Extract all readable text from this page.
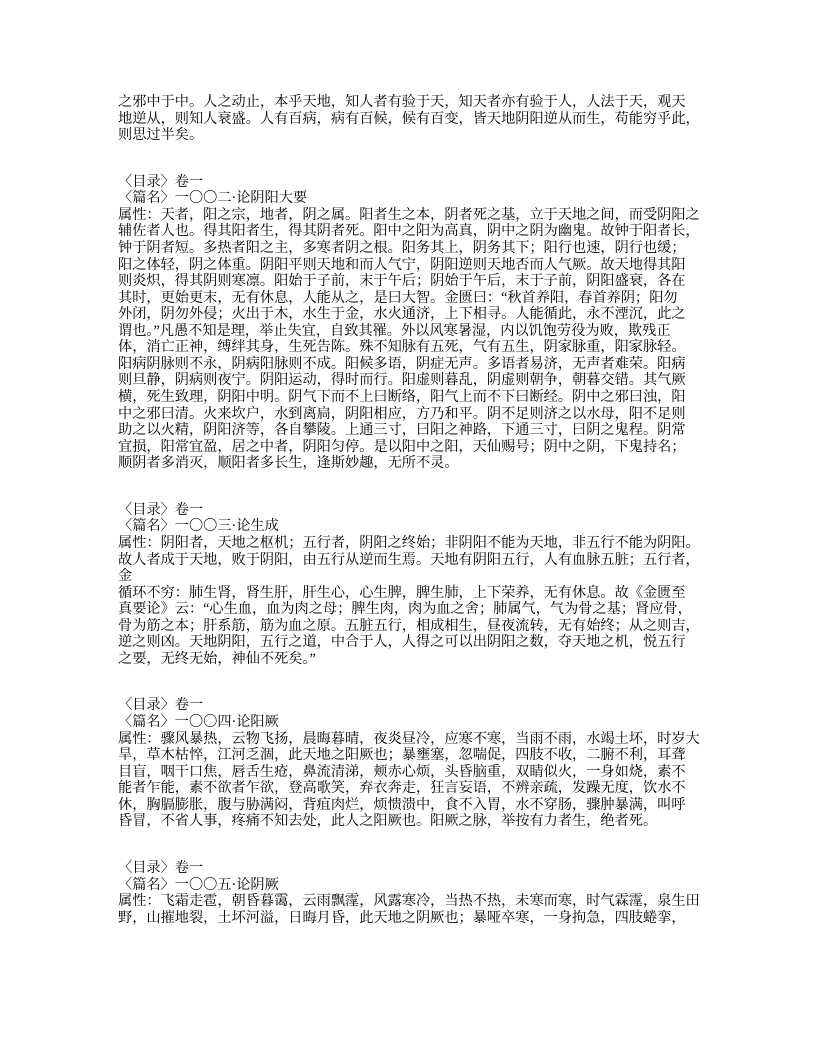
之邪中于中。人之动止，本乎天地，知人者有验于天，知天者亦有验于人，人法于天，观天
地逆从，则知人衰盛。人有百病，病有百候，候有百变，皆天地阴阳逆从而生，苟能穷乎此，
则思过半矣。
〈目录〉卷一
〈篇名〉一〇〇二·论阴阳大要
属性：天者，阳之宗，地者，阴之属。阳者生之本，阴者死之基，立于天地之间，而受阴阳之
辅佐者人也。得其阳者生，得其阴者死。阳中之阳为高真，阴中之阴为幽鬼。故钟于阳者长，
钟于阴者短。多热者阳之主，多寒者阴之根。阳务其上，阴务其下；阳行也速，阴行也缓；
阳之体轻，阴之体重。阴阳平则天地和而人气宁，阴阳逆则天地否而人气厥。故天地得其阳
则炎炽，得其阴则寒凛。阳始于子前，末于午后；阴始于午后，末于子前，阴阳盛衰，各在
其时，更始更末，无有休息，人能从之，是曰大智。金匮曰：“秋首养阳，春首养阴；阳勿
外闭，阴勿外侵；火出于木，水生于金，水火通济，上下相寻。人能循此，永不湮沉，此之
谓也。”凡愚不知是理，举止失宜，自致其罹。外以风寒暑湿，内以饥饱劳役为败，欺残正
体，消亡正神，缚绊其身，生死告陈。殊不知脉有五死，气有五生，阴家脉重，阳家脉轻。
阳病阴脉则不永，阴病阳脉则不成。阳候多语，阴症无声。多语者易济，无声者难荣。阳病
则旦静，阴病则夜宁。阴阳运动，得时而行。阳虚则暮乱，阴虚则朝争，朝暮交错。其气厥
横，死生致理，阴阳中明。阴气下而不上曰断络，阳气上而不下曰断经。阴中之邪曰浊，阳
中之邪曰清。火来坎户，水到离扃，阴阳相应，方乃和平。阴不足则济之以水母，阳不足则
助之以火精，阴阳济等，各自攀陵。上通三寸，曰阳之神路，下通三寸，曰阴之鬼程。阴常
宜损，阳常宜盈，居之中者，阴阳匀停。是以阳中之阳，天仙赐号；阴中之阴，下鬼持名；
顺阴者多消灭，顺阳者多长生，逢斯妙趣，无所不灵。
〈目录〉卷一
〈篇名〉一〇〇三·论生成
属性：阴阳者，天地之枢机；五行者，阴阳之终始；非阴阳不能为天地，非五行不能为阴阳。
故人者成于天地，败于阴阳，由五行从逆而生焉。天地有阴阳五行，人有血脉五脏；五行者，
金
循环不穷：肺生肾，肾生肝，肝生心，心生脾，脾生肺，上下荣养，无有休息。故《金匮至
真要论》云：“心生血，血为肉之母；脾生肉，肉为血之舍；肺属气，气为骨之基；肾应骨，
骨为筋之本；肝系筋，筋为血之原。五脏五行，相成相生，昼夜流转，无有始终；从之则吉，
逆之则凶。天地阴阳，五行之道，中合于人，人得之可以出阴阳之数，夺天地之机，悦五行
之要，无终无始，神仙不死矣。”
〈目录〉卷一
〈篇名〉一〇〇四·论阳厥
属性：骤风暴热，云物飞扬，晨晦暮晴，夜炎昼冷，应寒不寒，当雨不雨，水竭土坏，时岁大
旱，草木枯悴，江河乏涸，此天地之阳厥也；暴壅塞，忽喘促，四肢不收，二腑不利，耳聋
目盲，咽干口焦，唇舌生疮，鼻流清涕，颊赤心烦，头昏脑重，双睛似火，一身如烧，素不
能者乍能，素不欲者乍欲，登高歌笑，弃衣奔走，狂言妄语，不辨亲疏，发躁无度，饮水不
休，胸膈膨胀，腹与胁满闷，背疽肉烂，烦愦溃中，食不入胃，水不穿肠，骤肿暴满，叫呼
昏冒，不省人事，疼痛不知去处，此人之阳厥也。阳厥之脉，举按有力者生，绝者死。
〈目录〉卷一
〈篇名〉一〇〇五·论阴厥
属性：飞霜走雹，朝昏暮霭，云雨飘霪，风露寒冷，当热不热，未寒而寒，时气霖霪，泉生田
野，山摧地裂，土坏河溢，日晦月昏，此天地之阴厥也；暴哑卒寒，一身拘急，四肢蜷挛，
